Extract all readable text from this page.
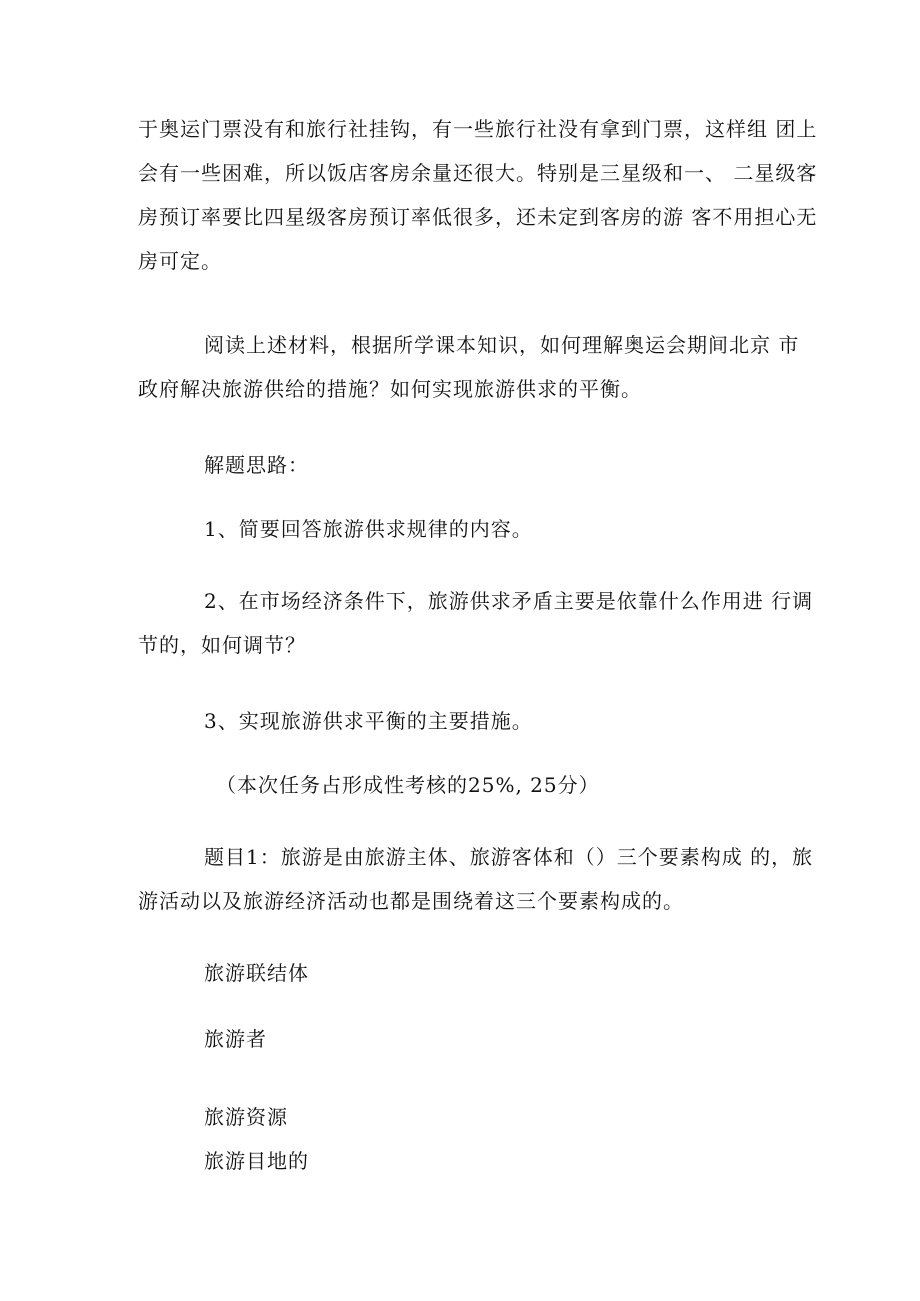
于奥运门票没有和旅行社挂钩，有一些旅行社没有拿到门票，这样组 团上
会有一些困难，所以饭店客房余量还很大。特别是三星级和一、 二星级客
房预订率要比四星级客房预订率低很多，还未定到客房的游 客不用担心无
房可定。
阅读上述材料，根据所学课本知识，如何理解奥运会期间北京 市
政府解决旅游供给的措施？如何实现旅游供求的平衡。
解题思路：
1、简要回答旅游供求规律的内容。
2、在市场经济条件下，旅游供求矛盾主要是依靠什么作用进 行调
节的，如何调节？
3、实现旅游供求平衡的主要措施。
（本次任务占形成性考核的25%, 25分）
题目1：旅游是由旅游主体、旅游客体和（）三个要素构成 的，旅
游活动以及旅游经济活动也都是围绕着这三个要素构成的。
旅游联结体
旅游者
旅游资源
旅游目地的
